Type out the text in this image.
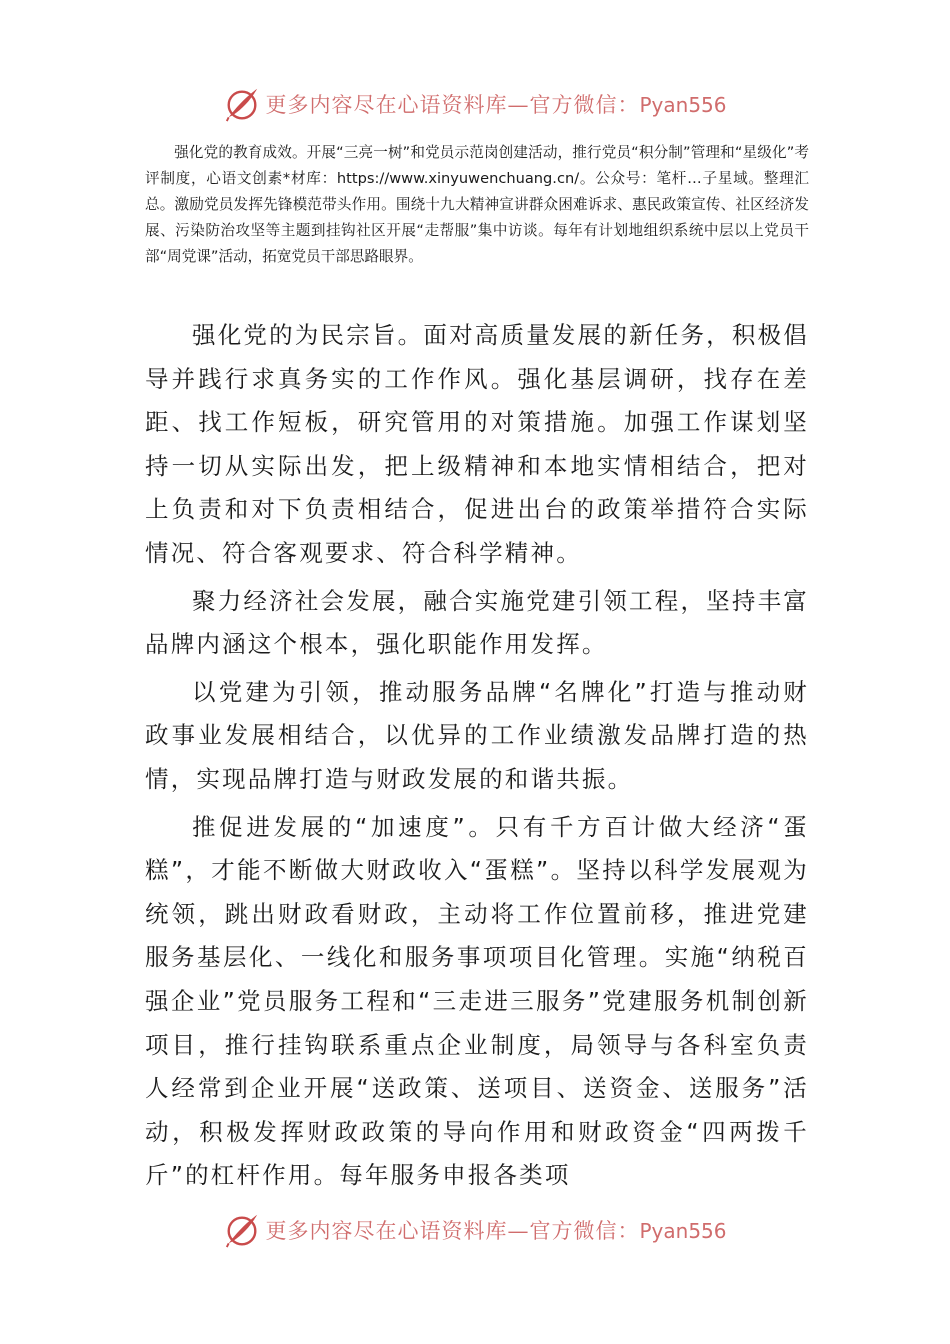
更多内容尽在心语资料库—官方微信：Pyan556

强化党的教育成效。开展“三亮一树”和党员示范岗创建活动，推行党员“积分制”管理和“星级化”考评制度，心语文创素*材库：https://www.xinyuwenchuang.cn/。公众号：笔杆…子星域。整理汇总。激励党员发挥先锋模范带头作用。围绕十九大精神宣讲群众困难诉求、惠民政策宣传、社区经济发展、污染防治攻坚等主题到挂钩社区开展“走帮服”集中访谈。每年有计划地组织系统中层以上党员干部“周党课”活动，拓宽党员干部思路眼界。

强化党的为民宗旨。面对高质量发展的新任务，积极倡导并践行求真务实的工作作风。强化基层调研，找存在差距、找工作短板，研究管用的对策措施。加强工作谋划坚持一切从实际出发，把上级精神和本地实情相结合，把对上负责和对下负责相结合，促进出台的政策举措符合实际情况、符合客观要求、符合科学精神。

聚力经济社会发展，融合实施党建引领工程，坚持丰富品牌内涵这个根本，强化职能作用发挥。

以党建为引领，推动服务品牌“名牌化”打造与推动财政事业发展相结合，以优异的工作业绩激发品牌打造的热情，实现品牌打造与财政发展的和谐共振。

推促进发展的“加速度”。只有千方百计做大经济“蛋糕”，才能不断做大财政收入“蛋糕”。坚持以科学发展观为统领，跳出财政看财政，主动将工作位置前移，推进党建服务基层化、一线化和服务事项项目化管理。实施“纳税百强企业”党员服务工程和“三走进三服务”党建服务机制创新项目，推行挂钩联系重点企业制度，局领导与各科室负责人经常到企业开展“送政策、送项目、送资金、送服务”活动，积极发挥财政政策的导向作用和财政资金“四两拨千斤”的杠杆作用。每年服务申报各类项

更多内容尽在心语资料库—官方微信：Pyan556
